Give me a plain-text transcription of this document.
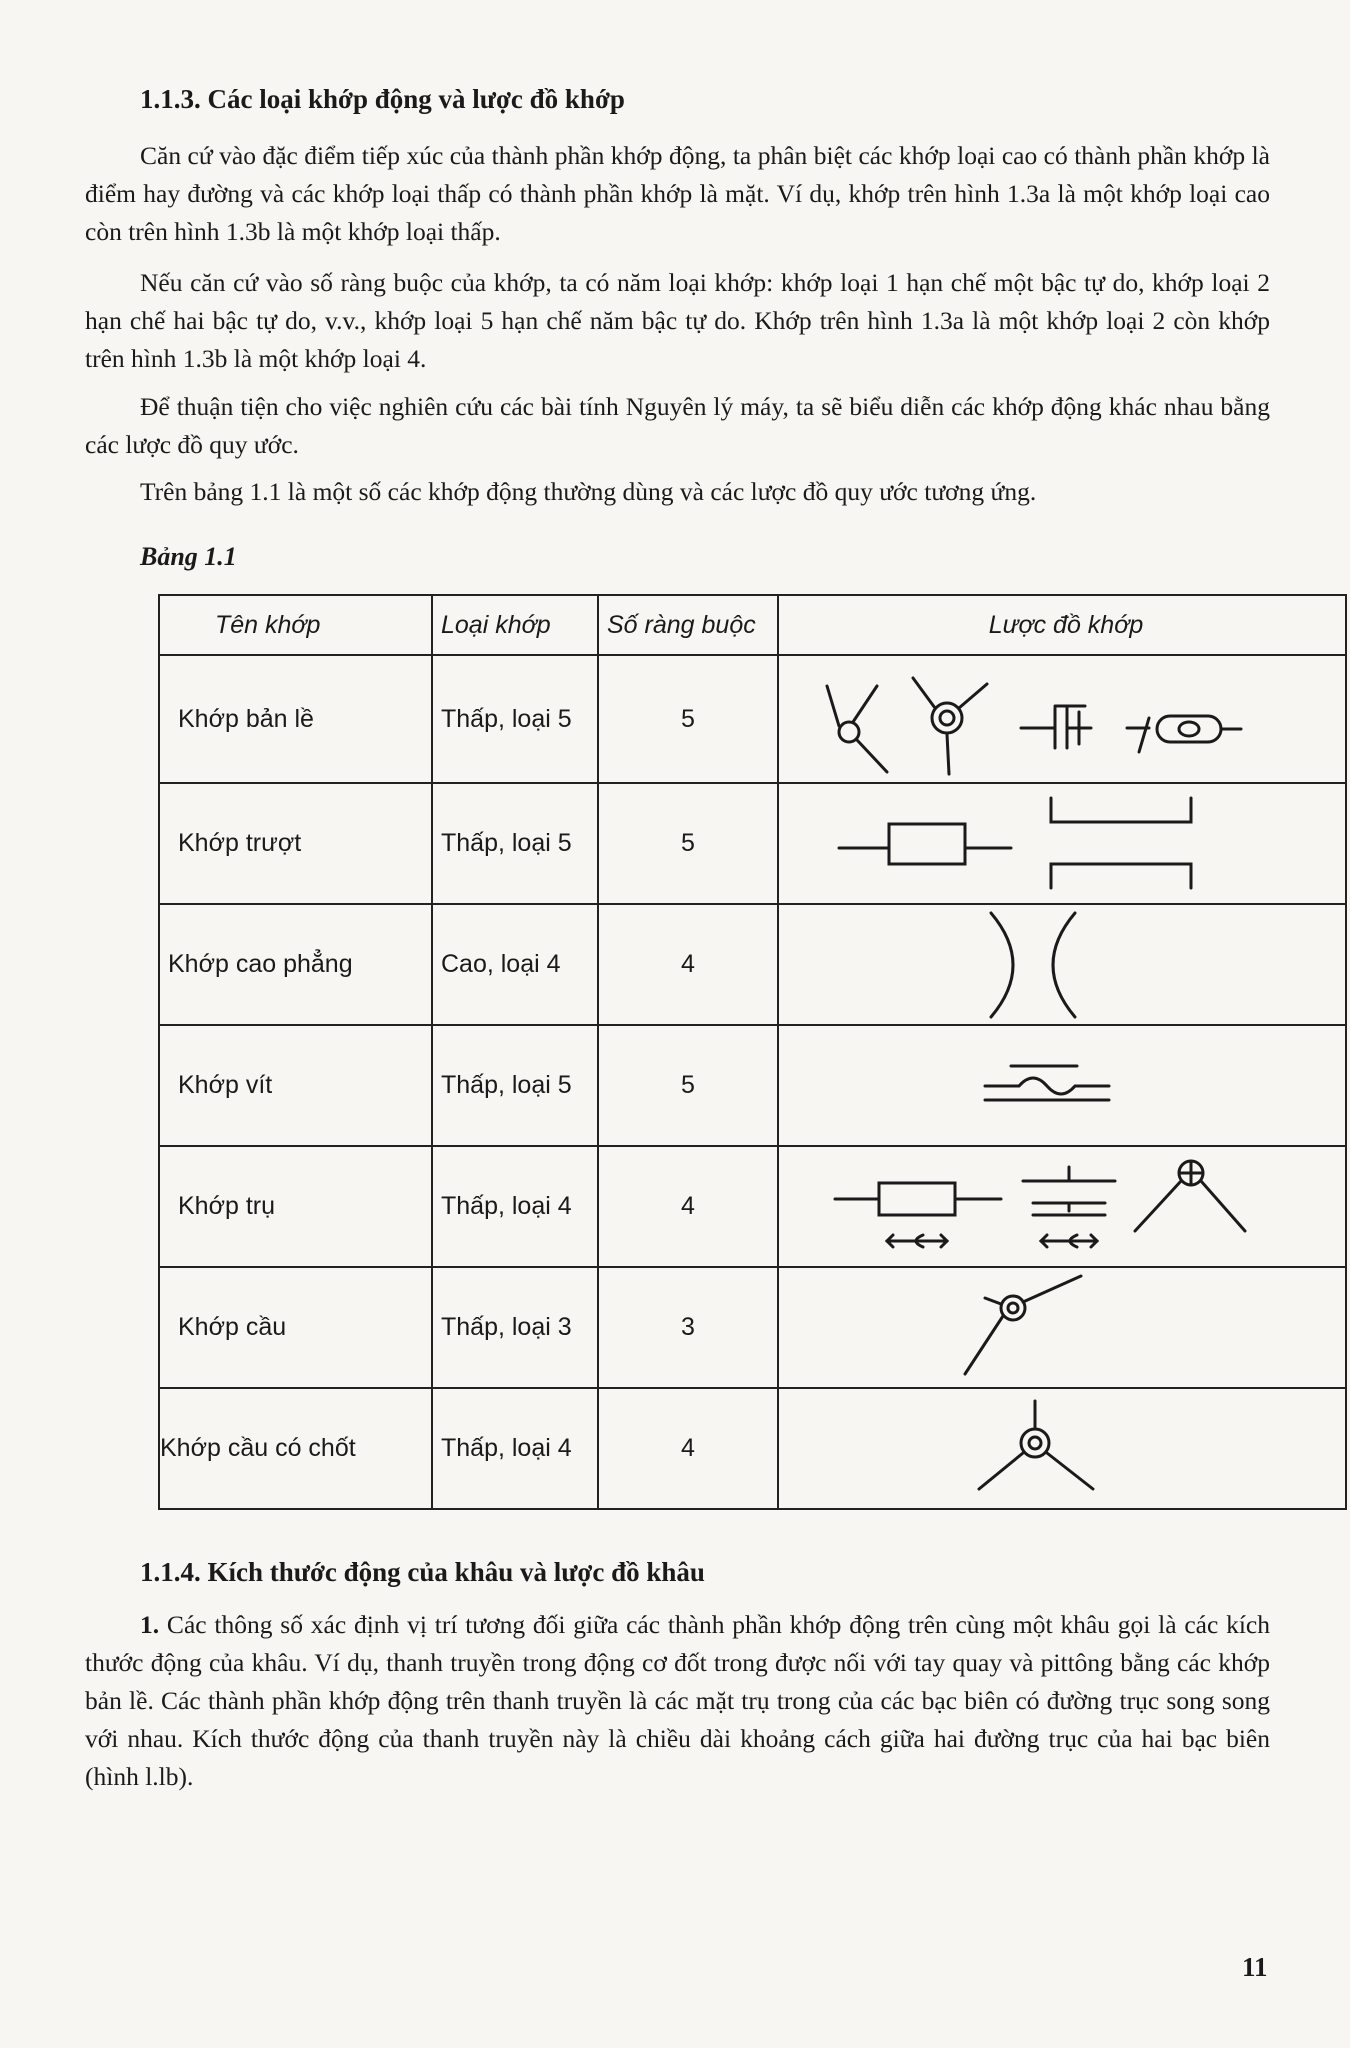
1.1.3. Các loại khớp động và lược đồ khớp

Căn cứ vào đặc điểm tiếp xúc của thành phần khớp động, ta phân biệt các khớp loại cao có thành phần khớp là điểm hay đường và các khớp loại thấp có thành phần khớp là mặt. Ví dụ, khớp trên hình 1.3a là một khớp loại cao còn trên hình 1.3b là một khớp loại thấp.

Nếu căn cứ vào số ràng buộc của khớp, ta có năm loại khớp: khớp loại 1 hạn chế một bậc tự do, khớp loại 2 hạn chế hai bậc tự do, v.v., khớp loại 5 hạn chế năm bậc tự do. Khớp trên hình 1.3a là một khớp loại 2 còn khớp trên hình 1.3b là một khớp loại 4.

Để thuận tiện cho việc nghiên cứu các bài tính Nguyên lý máy, ta sẽ biểu diễn các khớp động khác nhau bằng các lược đồ quy ước.

Trên bảng 1.1 là một số các khớp động thường dùng và các lược đồ quy ước tương ứng.

Bảng 1.1
Tên khớp	Loại khớp	Số ràng buộc	Lược đồ khớp
Khớp bản lề	Thấp, loại 5	5	

Khớp trượt	Thấp, loại 5	5	

Khớp cao phẳng	Cao, loại 4	4	

Khớp vít	Thấp, loại 5	5	

Khớp trụ	Thấp, loại 4	4	

Khớp cầu	Thấp, loại 3	3	

Khớp cầu có chốt	Thấp, loại 4	4	
1.1.4. Kích thước động của khâu và lược đồ khâu

1. Các thông số xác định vị trí tương đối giữa các thành phần khớp động trên cùng một khâu gọi là các kích thước động của khâu. Ví dụ, thanh truyền trong động cơ đốt trong được nối với tay quay và pittông bằng các khớp bản lề. Các thành phần khớp động trên thanh truyền là các mặt trụ trong của các bạc biên có đường trục song song với nhau. Kích thước động của thanh truyền này là chiều dài khoảng cách giữa hai đường trục của hai bạc biên (hình l.lb).

11
